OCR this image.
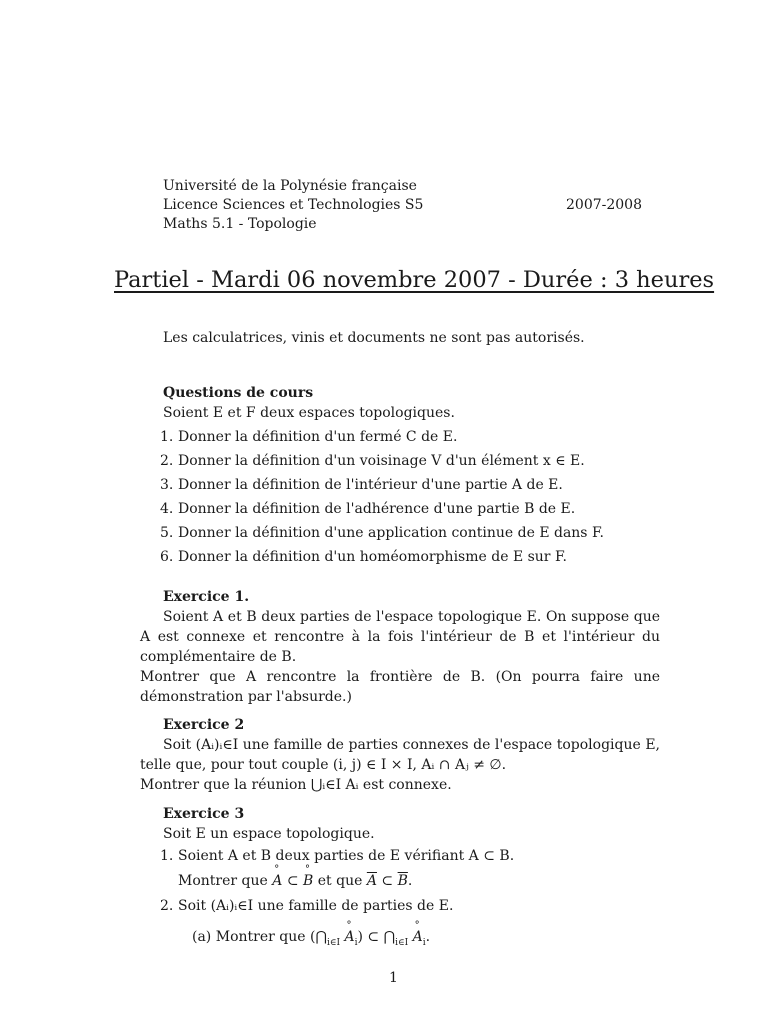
Université de la Polynésie française
Licence Sciences et Technologies S5
Maths 5.1 - Topologie
2007-2008
Partiel - Mardi 06 novembre 2007 - Durée : 3 heures
Les calculatrices, vinis et documents ne sont pas autorisés.
Questions de cours
Soient E et F deux espaces topologiques.
1. Donner la définition d'un fermé C de E.
2. Donner la définition d'un voisinage V d'un élément x ∈ E.
3. Donner la définition de l'intérieur d'une partie A de E.
4. Donner la définition de l'adhérence d'une partie B de E.
5. Donner la définition d'une application continue de E dans F.
6. Donner la définition d'un homéomorphisme de E sur F.
Exercice 1.
Soient A et B deux parties de l'espace topologique E. On suppose que A est connexe et rencontre à la fois l'intérieur de B et l'intérieur du complémentaire de B.
Montrer que A rencontre la frontière de B. (On pourra faire une démonstration par l'absurde.)
Exercice 2
Soit (Aᵢ)ᵢ∈I une famille de parties connexes de l'espace topologique E, telle que, pour tout couple (i, j) ∈ I × I, Aᵢ ∩ Aⱼ ≠ ∅.
Montrer que la réunion ⋃ᵢ∈I Aᵢ est connexe.
Exercice 3
Soit E un espace topologique.
1. Soient A et B deux parties de E vérifiant A ⊂ B.
Montrer que ° A ⊂ ° B et que $\overline{A}$ ⊂ $\overline{B}$.
2. Soit (Aᵢ)ᵢ∈I une famille de parties de E.
(a) Montrer que ($⋂_{i\in I}$ ° $A_i$) ⊂ $⋂_{i\in I}$ ° $A_i$.
1
